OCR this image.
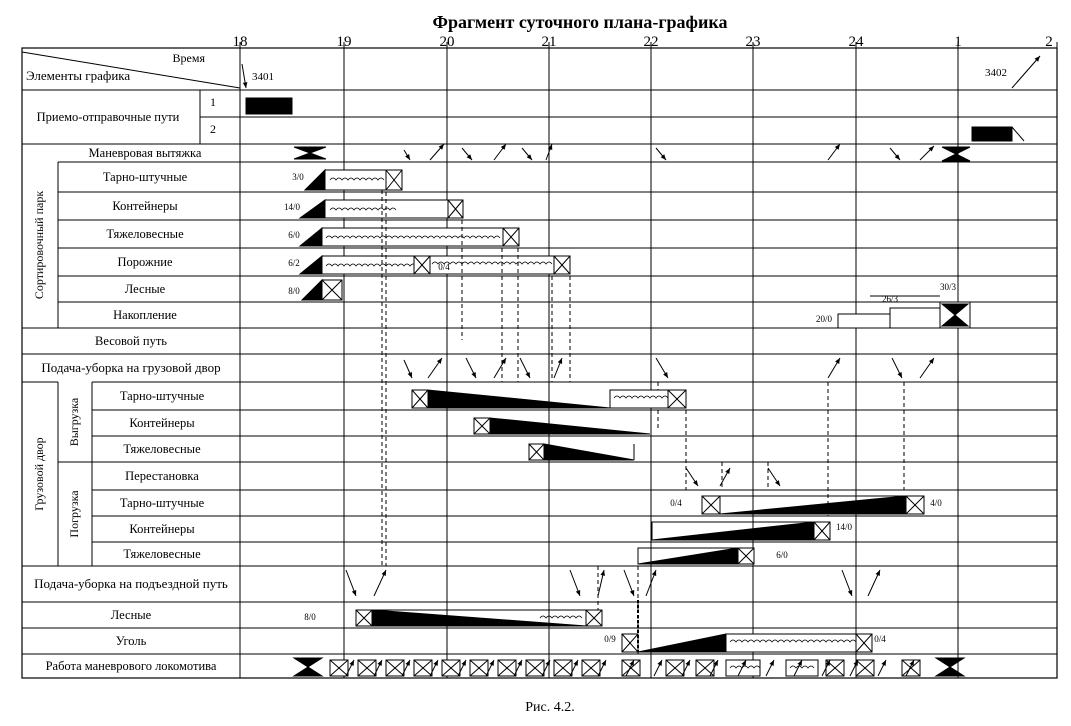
Фрагмент суточного плана-графика
18	19	20	21	22	23	24	1	2
Время
Элементы графика
Приемо-отправочные пути
Маневровая вытяжка
Тарно-штучные
Контейнеры
Тяжеловесные
Порожние
Лесные
Накопление
Весовой путь
Подача-уборка на грузовой двор
Тарно-штучные
Контейнеры
Тяжеловесные
Перестановка
Тарно-штучные
Контейнеры
Тяжеловесные
Подача-уборка на подъездной путь
Лесные
Уголь
Работа маневрового локомотива
1
2
Сортировочный парк
Грузовой двор
Выгрузка
Погрузка
3401	3402
3/0
14/0
6/0
6/2	0/4
8/0
20/0
26/3
30/3
0/4	4/0
14/0
6/0
8/0
0/9	0/4
Рис. 4.2.
